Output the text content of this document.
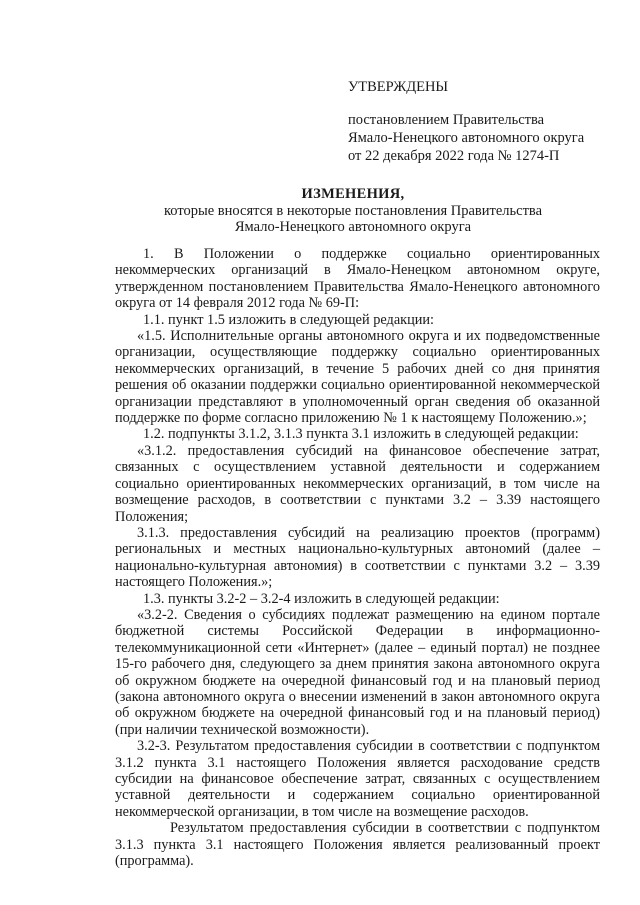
УТВЕРЖДЕНЫ
постановлением Правительства
Ямало-Ненецкого автономного округа
от 22 декабря 2022 года № 1274-П
ИЗМЕНЕНИЯ,
которые вносятся в некоторые постановления Правительства
Ямало-Ненецкого автономного округа

1. В Положении о поддержке социально ориентированных некоммерческих организаций в Ямало-Ненецком автономном округе, утвержденном постановлением Правительства Ямало-Ненецкого автономного округа от 14 февраля 2012 года № 69-П:

1.1. пункт 1.5 изложить в следующей редакции:

«1.5. Исполнительные органы автономного округа и их подведомственные организации, осуществляющие поддержку социально ориентированных некоммерческих организаций, в течение 5 рабочих дней со дня принятия решения об оказании поддержки социально ориентированной некоммерческой организации представляют в уполномоченный орган сведения об оказанной поддержке по форме согласно приложению № 1 к настоящему Положению.»;

1.2. подпункты 3.1.2, 3.1.3 пункта 3.1 изложить в следующей редакции:

«3.1.2. предоставления субсидий на финансовое обеспечение затрат, связанных с осуществлением уставной деятельности и содержанием социально ориентированных некоммерческих организаций, в том числе на возмещение расходов, в соответствии с пунктами 3.2 – 3.39 настоящего Положения;

3.1.3. предоставления субсидий на реализацию проектов (программ) региональных и местных национально-культурных автономий (далее – национально-культурная автономия) в соответствии с пунктами 3.2 – 3.39 настоящего Положения.»;

1.3. пункты 3.2-2 – 3.2-4 изложить в следующей редакции:

«3.2-2. Сведения о субсидиях подлежат размещению на едином портале бюджетной системы Российской Федерации в информационно-телекоммуникационной сети «Интернет» (далее – единый портал) не позднее 15-го рабочего дня, следующего за днем принятия закона автономного округа об окружном бюджете на очередной финансовый год и на плановый период (закона автономного округа о внесении изменений в закон автономного округа об окружном бюджете на очередной финансовый год и на плановый период) (при наличии технической возможности).

3.2-3. Результатом предоставления субсидии в соответствии с подпунктом 3.1.2 пункта 3.1 настоящего Положения является расходование средств субсидии на финансовое обеспечение затрат, связанных с осуществлением уставной деятельности и содержанием социально ориентированной некоммерческой организации, в том числе на возмещение расходов.

Результатом предоставления субсидии в соответствии с подпунктом 3.1.3 пункта 3.1 настоящего Положения является реализованный проект (программа).
